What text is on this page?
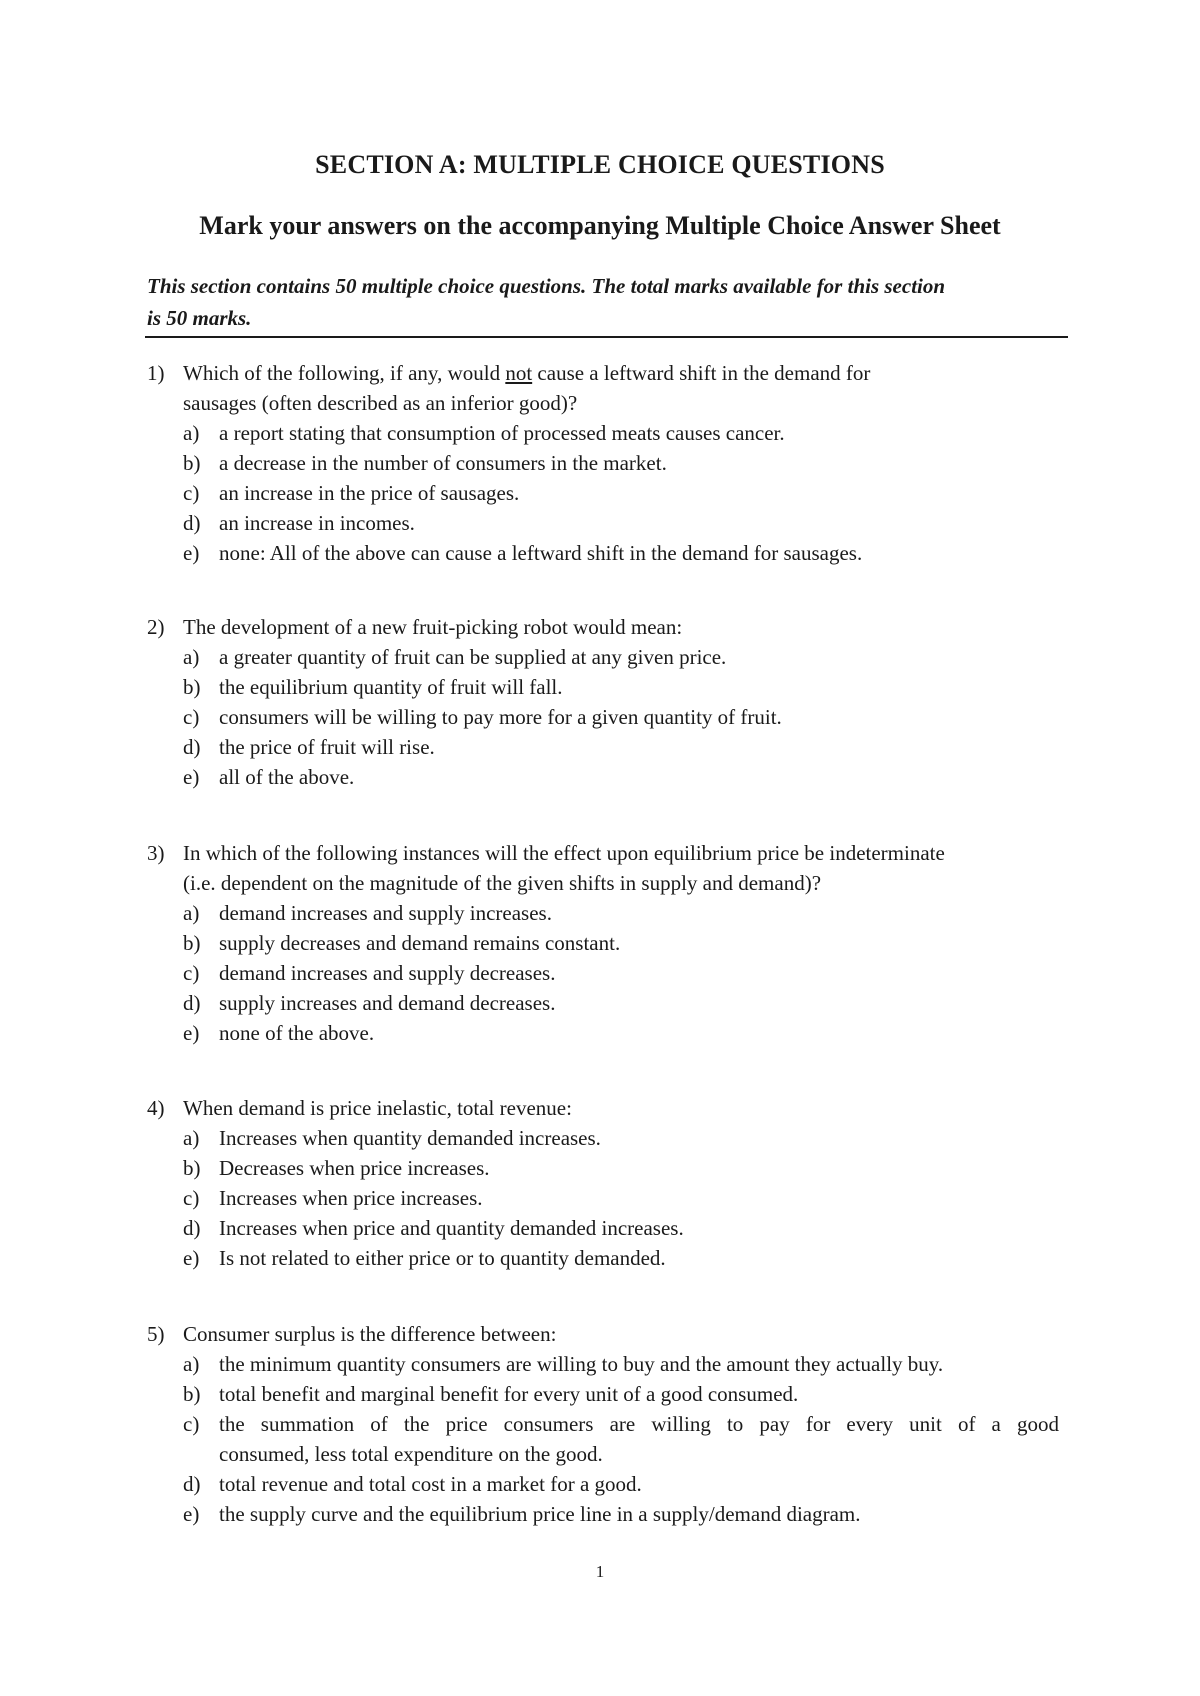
SECTION A: MULTIPLE CHOICE QUESTIONS
Mark your answers on the accompanying Multiple Choice Answer Sheet
This section contains 50 multiple choice questions. The total marks available for this section
is 50 marks.
1) Which of the following, if any, would not cause a leftward shift in the demand for
sausages (often described as an inferior good)?
a) a report stating that consumption of processed meats causes cancer.
b) a decrease in the number of consumers in the market.
c) an increase in the price of sausages.
d) an increase in incomes.
e) none: All of the above can cause a leftward shift in the demand for sausages.
2) The development of a new fruit-picking robot would mean:
a) a greater quantity of fruit can be supplied at any given price.
b) the equilibrium quantity of fruit will fall.
c) consumers will be willing to pay more for a given quantity of fruit.
d) the price of fruit will rise.
e) all of the above.
3) In which of the following instances will the effect upon equilibrium price be indeterminate
(i.e. dependent on the magnitude of the given shifts in supply and demand)?
a) demand increases and supply increases.
b) supply decreases and demand remains constant.
c) demand increases and supply decreases.
d) supply increases and demand decreases.
e) none of the above.
4) When demand is price inelastic, total revenue:
a) Increases when quantity demanded increases.
b) Decreases when price increases.
c) Increases when price increases.
d) Increases when price and quantity demanded increases.
e) Is not related to either price or to quantity demanded.
5) Consumer surplus is the difference between:
a) the minimum quantity consumers are willing to buy and the amount they actually buy.
b) total benefit and marginal benefit for every unit of a good consumed.
c) the summation of the price consumers are willing to pay for every unit of a good
consumed, less total expenditure on the good.
d) total revenue and total cost in a market for a good.
e) the supply curve and the equilibrium price line in a supply/demand diagram.
1
